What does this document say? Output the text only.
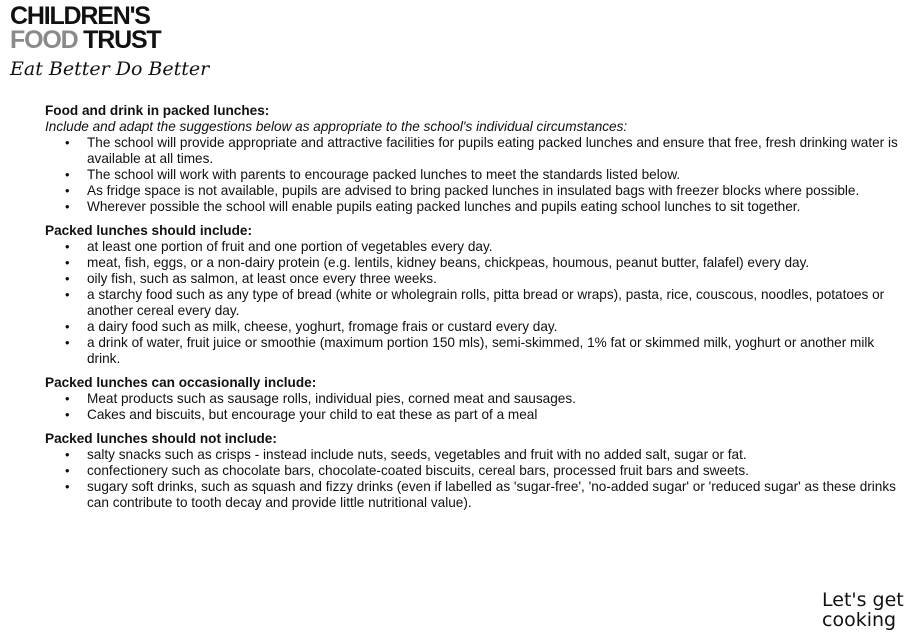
CHILDREN'S
FOOD TRUST
Eat Better Do Better

Food and drink in packed lunches:

Include and adapt the suggestions below as appropriate to the school's individual circumstances:

• The school will provide appropriate and attractive facilities for pupils eating packed lunches and ensure that free, fresh drinking water is available at all times.
• The school will work with parents to encourage packed lunches to meet the standards listed below.
• As fridge space is not available, pupils are advised to bring packed lunches in insulated bags with freezer blocks where possible.
• Wherever possible the school will enable pupils eating packed lunches and pupils eating school lunches to sit together.

Packed lunches should include:

• at least one portion of fruit and one portion of vegetables every day.
• meat, fish, eggs, or a non-dairy protein (e.g. lentils, kidney beans, chickpeas, houmous, peanut butter, falafel) every day.
• oily fish, such as salmon, at least once every three weeks.
• a starchy food such as any type of bread (white or wholegrain rolls, pitta bread or wraps), pasta, rice, couscous, noodles, potatoes or another cereal every day.
• a dairy food such as milk, cheese, yoghurt, fromage frais or custard every day.
• a drink of water, fruit juice or smoothie (maximum portion 150 mls), semi-skimmed, 1% fat or skimmed milk, yoghurt or another milk drink.

Packed lunches can occasionally include:

• Meat products such as sausage rolls, individual pies, corned meat and sausages.
• Cakes and biscuits, but encourage your child to eat these as part of a meal

Packed lunches should not include:

• salty snacks such as crisps - instead include nuts, seeds, vegetables and fruit with no added salt, sugar or fat.
• confectionery such as chocolate bars, chocolate-coated biscuits, cereal bars, processed fruit bars and sweets.
• sugary soft drinks, such as squash and fizzy drinks (even if labelled as 'sugar-free', 'no-added sugar' or 'reduced sugar' as these drinks can contribute to tooth decay and provide little nutritional value).
Let's get
cooking
